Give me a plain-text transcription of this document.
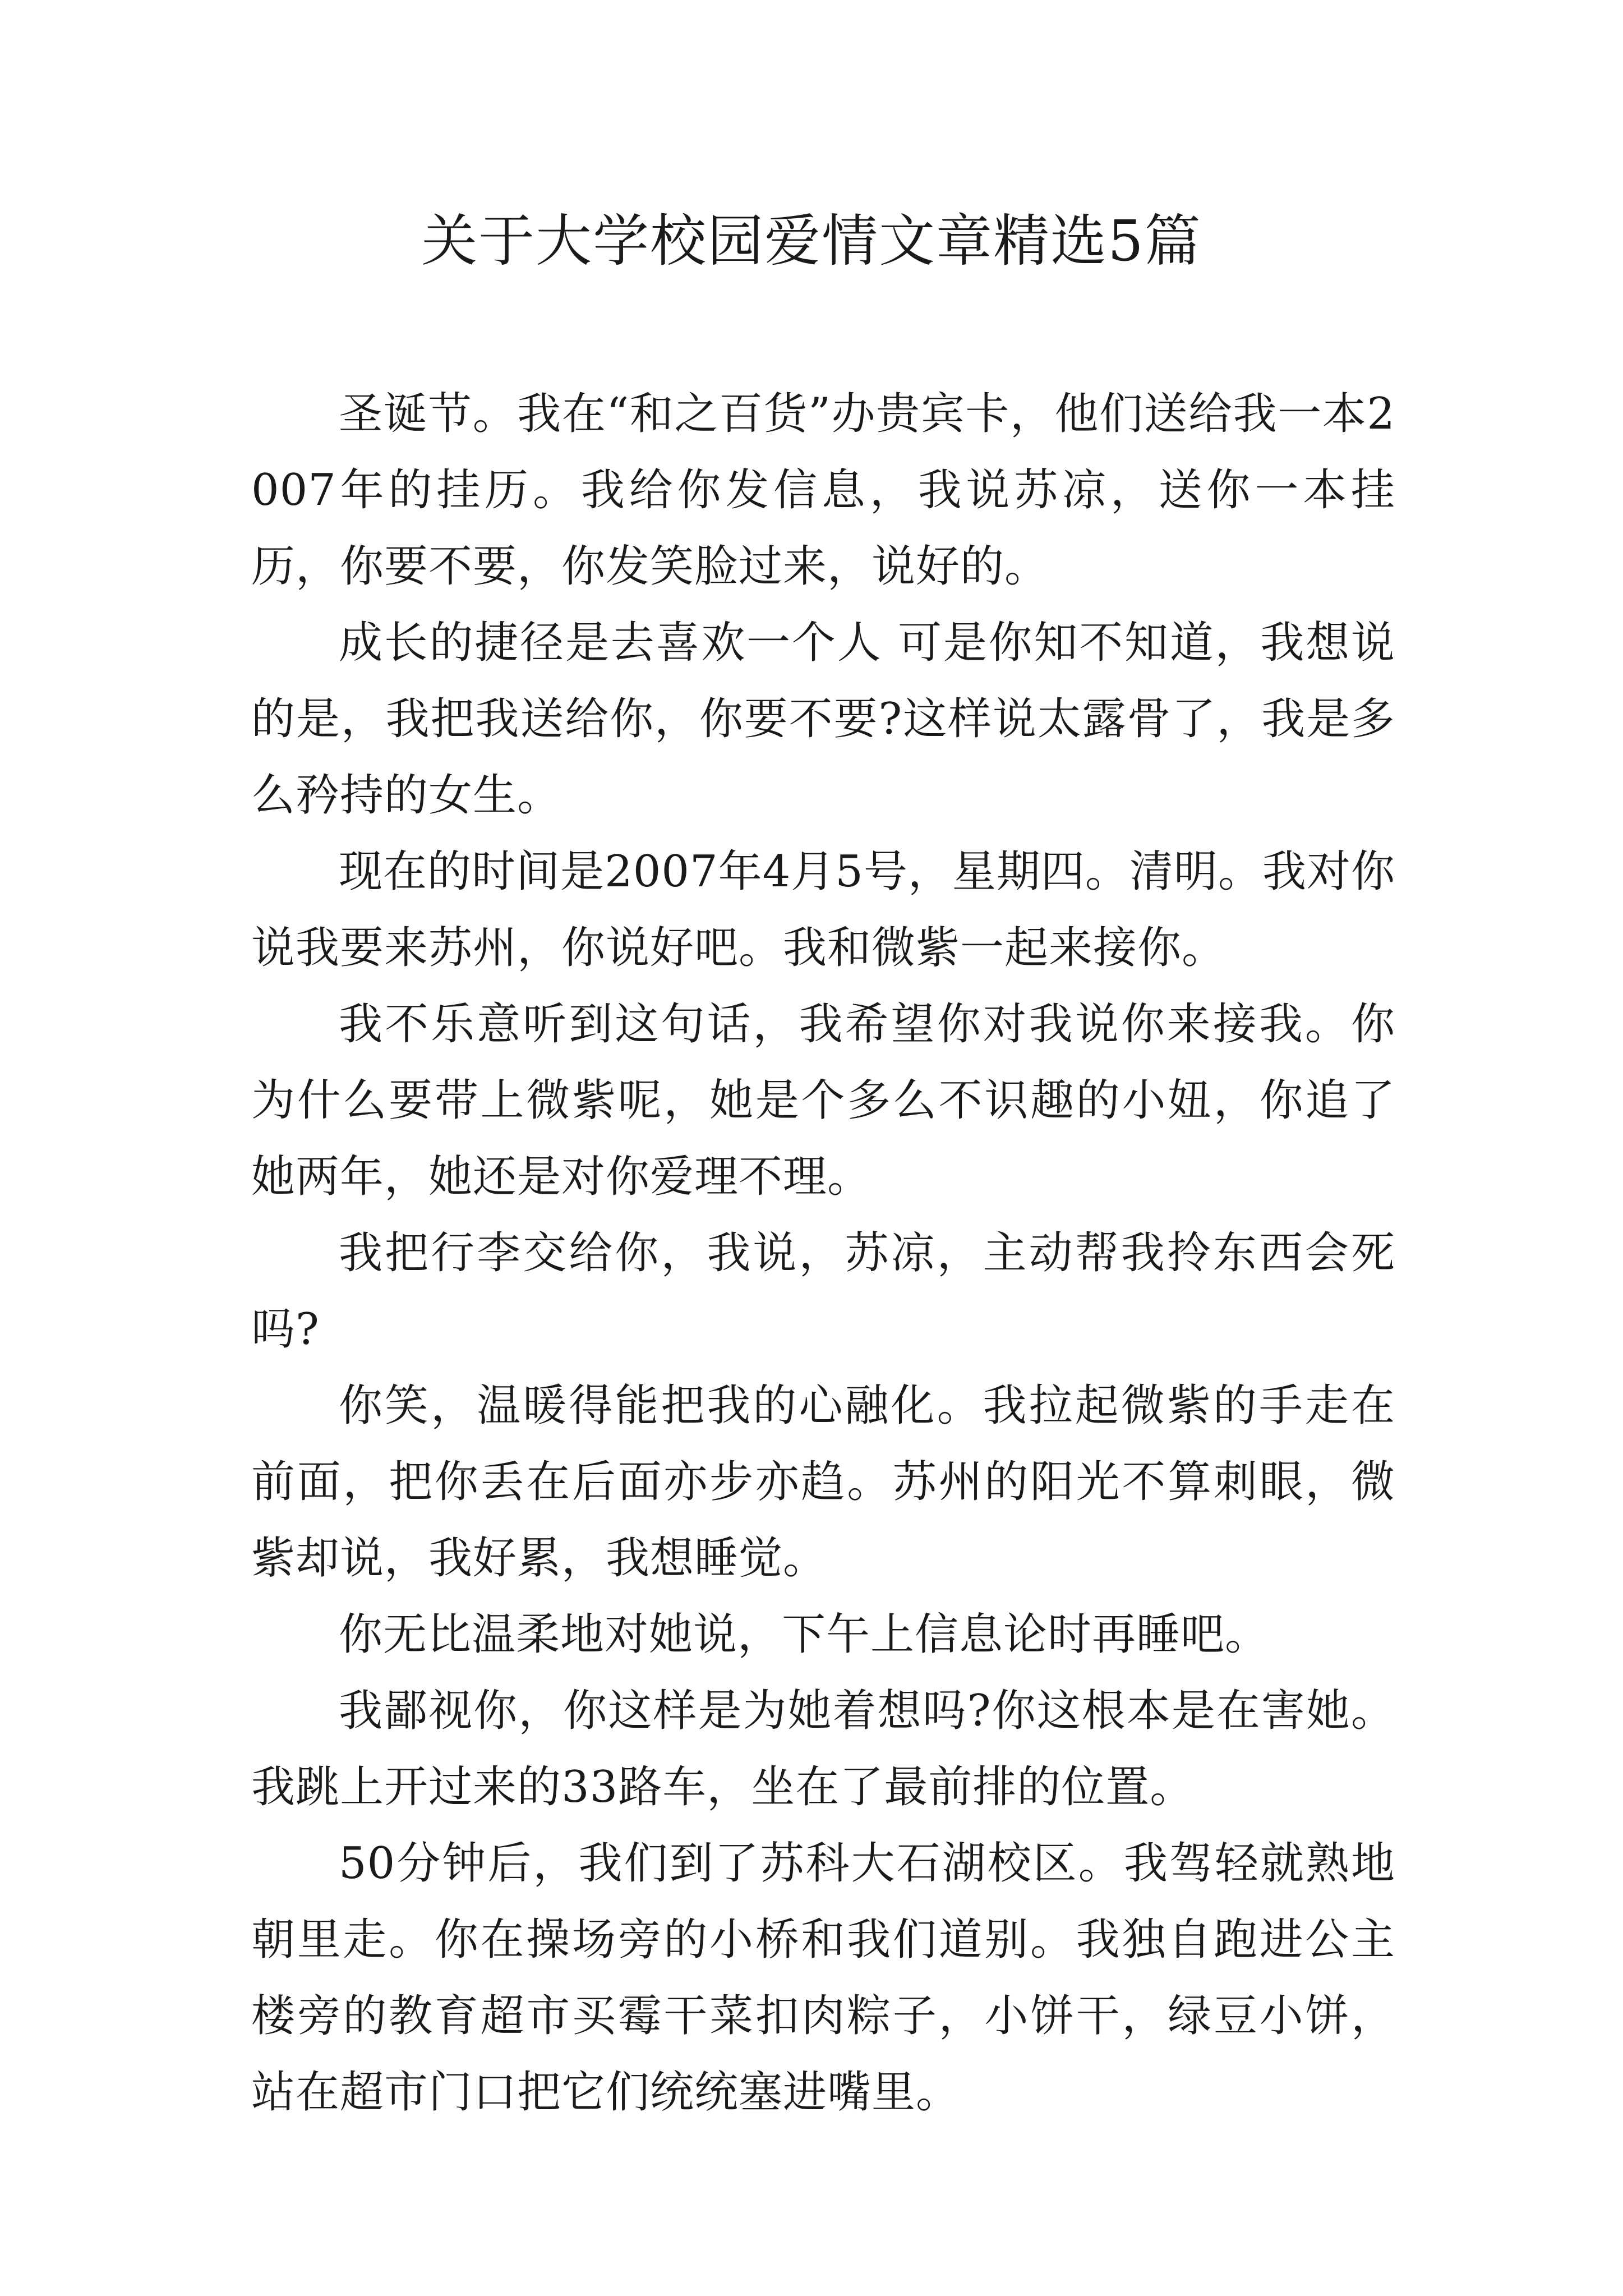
关于大学校园爱情文章精选5篇

圣诞节。我在“和之百货”办贵宾卡，他们送给我一本2007年的挂历。我给你发信息，我说苏凉，送你一本挂历，你要不要，你发笑脸过来，说好的。

成长的捷径是去喜欢一个人 可是你知不知道，我想说的是，我把我送给你，你要不要?这样说太露骨了，我是多么矜持的女生。

现在的时间是2007年4月5号，星期四。清明。我对你说我要来苏州，你说好吧。我和微紫一起来接你。

我不乐意听到这句话，我希望你对我说你来接我。你为什么要带上微紫呢，她是个多么不识趣的小妞，你追了她两年，她还是对你爱理不理。

我把行李交给你，我说，苏凉，主动帮我拎东西会死吗?

你笑，温暖得能把我的心融化。我拉起微紫的手走在前面，把你丢在后面亦步亦趋。苏州的阳光不算刺眼，微紫却说，我好累，我想睡觉。

你无比温柔地对她说，下午上信息论时再睡吧。

我鄙视你，你这样是为她着想吗?你这根本是在害她。我跳上开过来的33路车，坐在了最前排的位置。

50分钟后，我们到了苏科大石湖校区。我驾轻就熟地朝里走。你在操场旁的小桥和我们道别。我独自跑进公主楼旁的教育超市买霉干菜扣肉粽子，小饼干，绿豆小饼，站在超市门口把它们统统塞进嘴里。
